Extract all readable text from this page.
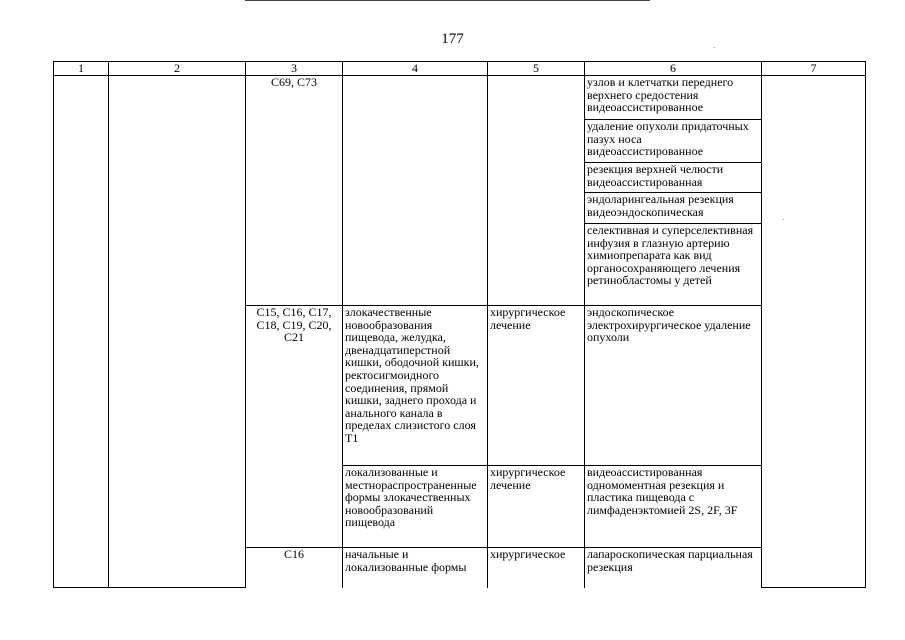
177	.
.
1	2	3	4	5	6	7
		C69, C73			узлов и клетчатки переднего верхнего средостения видеоассистированное	
					удаление опухоли придаточных пазух носа видеоассистированное	
					резекция верхней челюсти видеоассистированная	
					эндоларингеальная резекция видеоэндоскопическая	
					селективная и суперселективная инфузия в глазную артерию химиопрепарата как вид органосохраняющего лечения ретинобластомы у детей	
		C15, C16, C17, C18, C19, C20, C21	злокачественные новообразования пищевода, желудка, двенадцатиперстной кишки, ободочной кишки, ректосигмоидного соединения, прямой кишки, заднего прохода и анального канала в пределах слизистого слоя T1	хирургическое лечение	эндоскопическое электрохирургическое удаление опухоли	
			локализованные и местнораспространенные формы злокачественных новообразований пищевода	хирургическое лечение	видеоассистированная одномоментная резекция и пластика пищевода с лимфаденэктомией 2S, 2F, 3F	
		C16	начальные и локализованные формы	хирургическое	лапароскопическая парциальная резекция	
